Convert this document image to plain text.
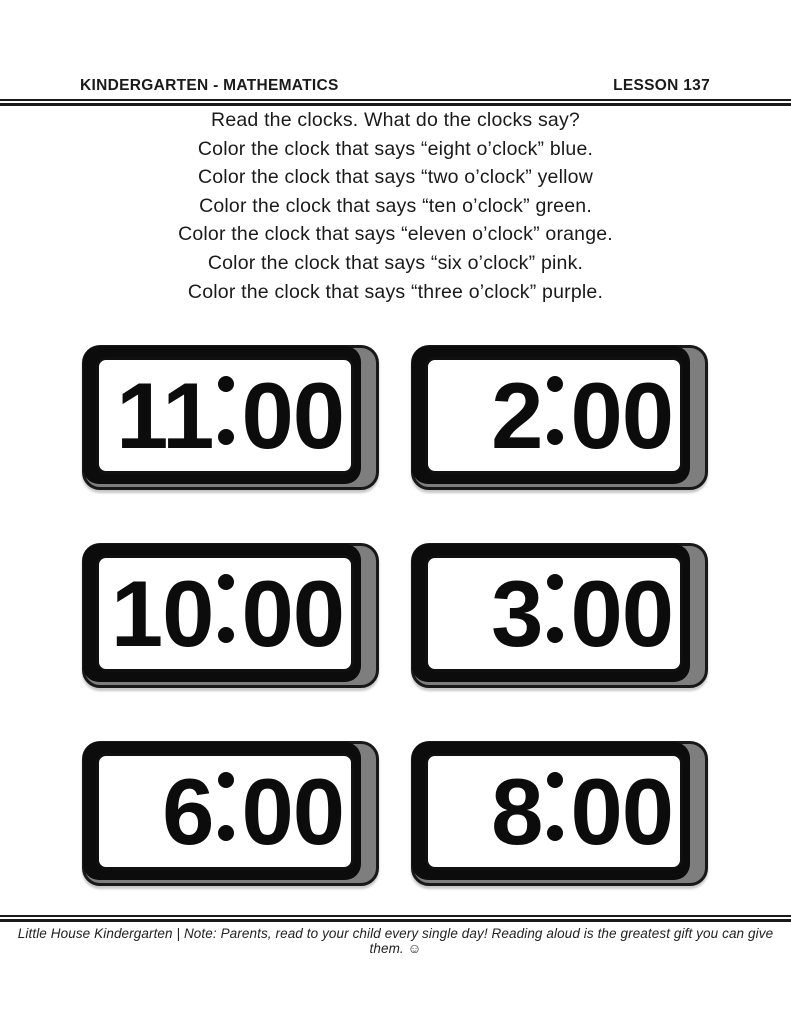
KINDERGARTEN - MATHEMATICS	LESSON 137
Read the clocks. What do the clocks say?
Color the clock that says “eight o’clock” blue.
Color the clock that says “two o’clock” yellow
Color the clock that says “ten o’clock” green.
Color the clock that says “eleven o’clock” orange.
Color the clock that says “six o’clock” pink.
Color the clock that says “three o’clock” purple.
11 00 2 00
10 00 3 00
6 00 8 00
Little House Kindergarten | Note: Parents, read to your child every single day! Reading aloud is the greatest gift you can give them. ☺
